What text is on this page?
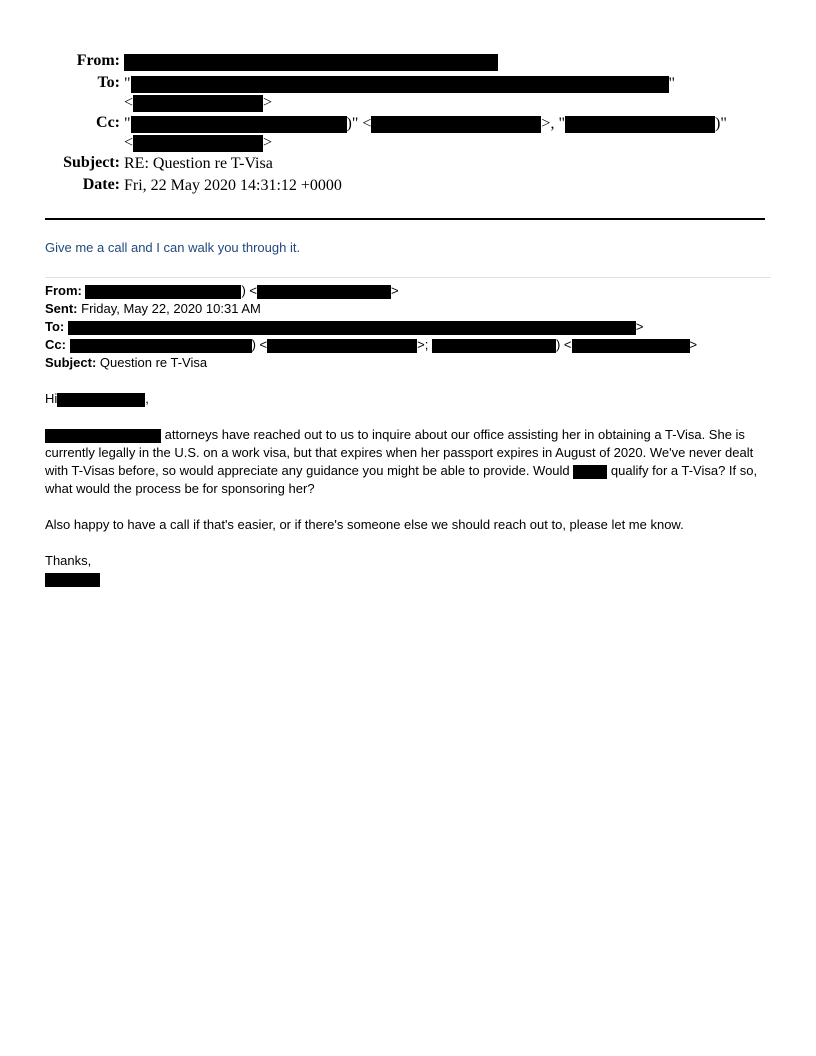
From:
To: "	"
<	>
Cc: "	)" <	>, "	)"
<	>
Subject: RE: Question re T-Visa
Date: Fri, 22 May 2020 14:31:12 +0000
Give me a call and I can walk you through it.
From:	) <	>
Sent: Friday, May 22, 2020 10:31 AM
To:	>
Cc:	) <	>;	) <	>
Subject: Question re T-Visa

Hi	,

attorneys have reached out to us to inquire about our office assisting her in obtaining a T-Visa. She is currently legally in the U.S. on a work visa, but that expires when her passport expires in August of 2020. We've never dealt with T-Visas before, so would appreciate any guidance you might be able to provide. Would	qualify for a T-Visa? If so, what would the process be for sponsoring her?

Also happy to have a call if that's easier, or if there's someone else we should reach out to, please let me know.

Thanks,
